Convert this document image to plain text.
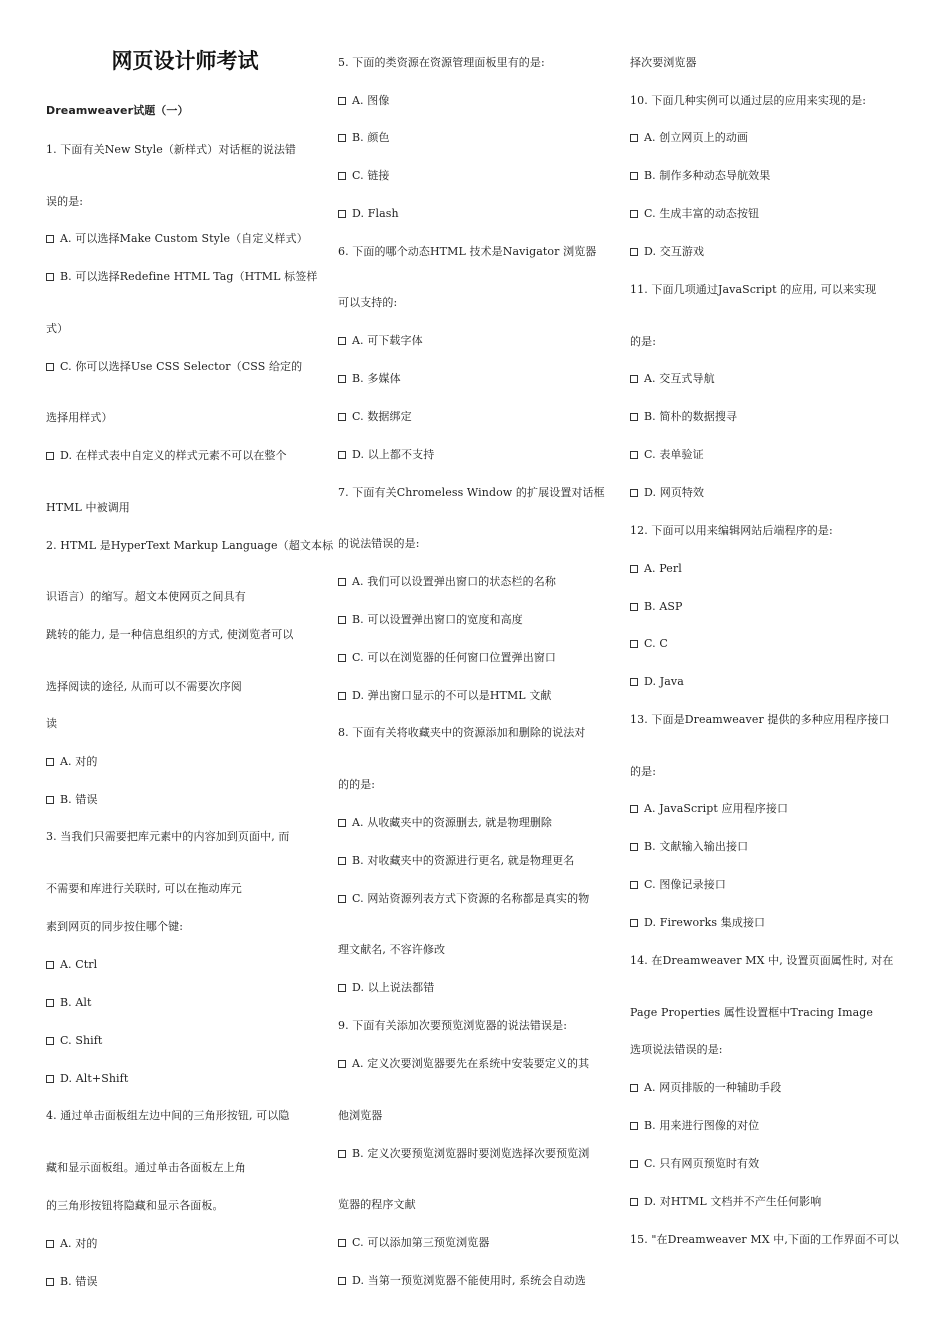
网页设计师考试
Dreamweaver试题（一）
1. 下面有关New Style（新样式）对话框的说法错
误的是:
A. 可以选择Make Custom Style（自定义样式）
B. 可以选择Redefine HTML Tag（HTML 标签样
式）
C. 你可以选择Use CSS Selector（CSS 给定的
选择用样式）
D. 在样式表中自定义的样式元素不可以在整个
HTML 中被调用
2. HTML 是HyperText Markup Language（超文本标
识语言）的缩写。超文本使网页之间具有
跳转的能力, 是一种信息组织的方式, 使浏览者可以
选择阅读的途径, 从而可以不需要次序阅
读
A. 对的
B. 错误
3. 当我们只需要把库元素中的内容加到页面中, 而
不需要和库进行关联时, 可以在拖动库元
素到网页的同步按住哪个键:
A. Ctrl
B. Alt
C. Shift
D. Alt+Shift
4. 通过单击面板组左边中间的三角形按钮, 可以隐
藏和显示面板组。通过单击各面板左上角
的三角形按钮将隐藏和显示各面板。
A. 对的
B. 错误
5. 下面的类资源在资源管理面板里有的是:
A. 图像
B. 颜色
C. 链接
D. Flash
6. 下面的哪个动态HTML 技术是Navigator 浏览器
可以支持的:
A. 可下载字体
B. 多媒体
C. 数据绑定
D. 以上都不支持
7. 下面有关Chromeless Window 的扩展设置对话框
的说法错误的是:
A. 我们可以设置弹出窗口的状态栏的名称
B. 可以设置弹出窗口的宽度和高度
C. 可以在浏览器的任何窗口位置弹出窗口
D. 弹出窗口显示的不可以是HTML 文献
8. 下面有关将收藏夹中的资源添加和删除的说法对
的的是:
A. 从收藏夹中的资源删去, 就是物理删除
B. 对收藏夹中的资源进行更名, 就是物理更名
C. 网站资源列表方式下资源的名称都是真实的物
理文献名, 不容许修改
D. 以上说法都错
9. 下面有关添加次要预览浏览器的说法错误是:
A. 定义次要浏览器要先在系统中安装要定义的其
他浏览器
B. 定义次要预览浏览器时要浏览选择次要预览浏
览器的程序文献
C. 可以添加第三预览浏览器
D. 当第一预览浏览器不能使用时, 系统会自动选
择次要浏览器
10. 下面几种实例可以通过层的应用来实现的是:
A. 创立网页上的动画
B. 制作多种动态导航效果
C. 生成丰富的动态按钮
D. 交互游戏
11. 下面几项通过JavaScript 的应用, 可以来实现
的是:
A. 交互式导航
B. 简朴的数据搜寻
C. 表单验证
D. 网页特效
12. 下面可以用来编辑网站后端程序的是:
A. Perl
B. ASP
C. C
D. Java
13. 下面是Dreamweaver 提供的多种应用程序接口
的是:
A. JavaScript 应用程序接口
B. 文献输入输出接口
C. 图像记录接口
D. Fireworks 集成接口
14. 在Dreamweaver MX 中, 设置页面属性时, 对在
Page Properties 属性设置框中Tracing Image
选项说法错误的是:
A. 网页排版的一种辅助手段
B. 用来进行图像的对位
C. 只有网页预览时有效
D. 对HTML 文档并不产生任何影响
15. "在Dreamweaver MX 中,下面的工作界面不可以
